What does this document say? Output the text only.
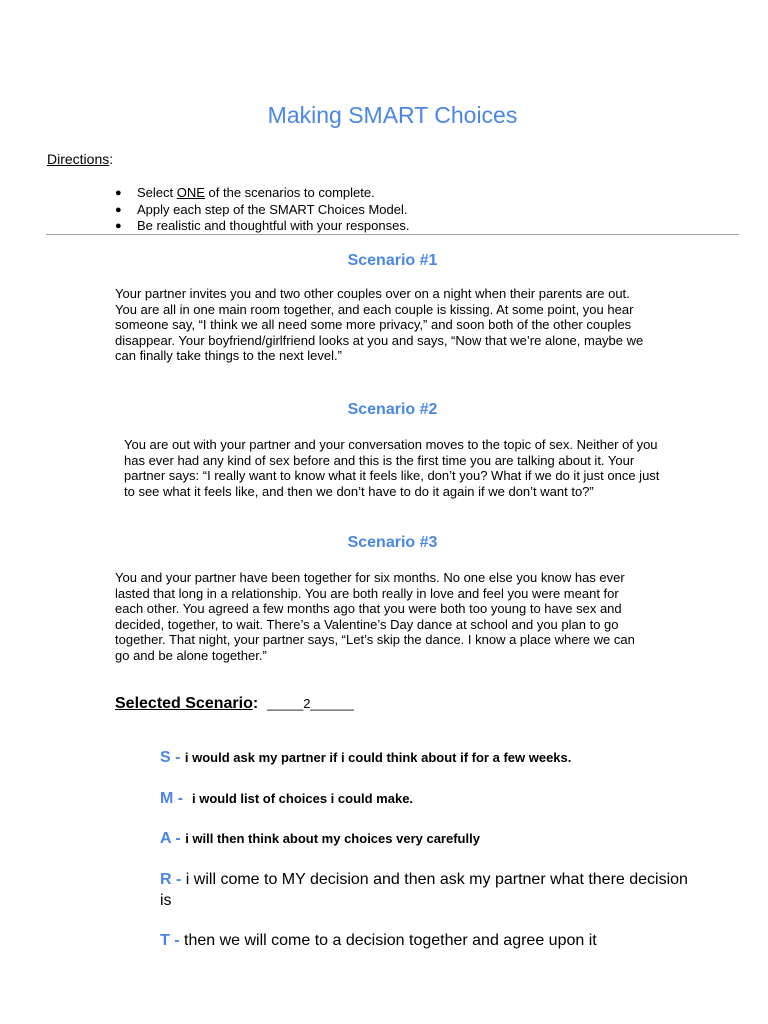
Making SMART Choices
Directions:
● Select ONE of the scenarios to complete.
● Apply each step of the SMART Choices Model.
● Be realistic and thoughtful with your responses.
Scenario #1
Your partner invites you and two other couples over on a night when their parents are out.
You are all in one main room together, and each couple is kissing. At some point, you hear
someone say, “I think we all need some more privacy,” and soon both of the other couples
disappear. Your boyfriend/girlfriend looks at you and says, “Now that we’re alone, maybe we
can finally take things to the next level.”
Scenario #2
You are out with your partner and your conversation moves to the topic of sex. Neither of you
has ever had any kind of sex before and this is the first time you are talking about it. Your
partner says: “I really want to know what it feels like, don’t you? What if we do it just once just
to see what it feels like, and then we don’t have to do it again if we don’t want to?”
Scenario #3
You and your partner have been together for six months. No one else you know has ever
lasted that long in a relationship. You are both really in love and feel you were meant for
each other. You agreed a few months ago that you were both too young to have sex and
decided, together, to wait. There’s a Valentine’s Day dance at school and you plan to go
together. That night, your partner says, “Let’s skip the dance. I know a place where we can
go and be alone together.”
Selected Scenario: _____2______
S - i would ask my partner if i could think about if for a few weeks.
M - i would list of choices i could make.
A - i will then think about my choices very carefully
R - i will come to MY decision and then ask my partner what there decision is
T - then we will come to a decision together and agree upon it
